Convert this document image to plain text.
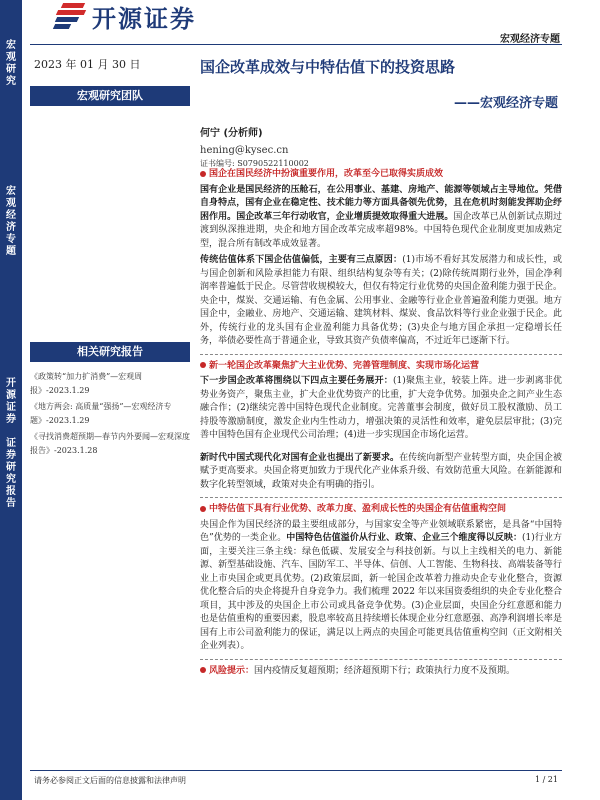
宏
观
研
究
宏
观
经
济
专
题
开
源
证
券

证
券
研
究
报
告
开源证券
宏观经济专题
2023 年 01 月 30 日	国企改革成效与中特估值下的投资思路
——宏观经济专题
宏观研究团队
何宁 (分析师)
hening@kysec.cn
证书编号: S0790522110002
相关研究报告
《政策转“加力扩消费”—宏观周报》-2023.1.29
《地方两会: 高质量“强扬”—宏观经济专题》-2023.1.29
《寻找消费超预期—春节内外要闻—宏观深度报告》-2023.1.28
国企在国民经济中扮演重要作用，改革至今已取得实质成效

国有企业是国民经济的压舱石，在公用事业、基建、房地产、能源等领域占主导地位。凭借自身特点，国有企业在稳定性、技术能力等方面具备领先优势，且在危机时刻能发挥助企纾困作用。国企改革三年行动收官，企业增质提效取得重大进展。国企改革已从创新试点期过渡到纵深推进期，央企和地方国企改革完成率超98%。中国特色现代企业制度更加成熟定型，混合所有制改革成效显著。

传统估值体系下国企估值偏低，主要有三点原因：(1)市场不看好其发展潜力和成长性，或与国企创新和风险承担能力有限、组织结构复杂等有关；(2)除传统周期行业外，国企净利润率普遍低于民企。尽管营收规模较大，但仅有特定行业优势的央国企盈利能力强于民企。央企中，煤炭、交通运输、有色金属、公用事业、金融等行业企业普遍盈利能力更强。地方国企中，金融业、房地产、交通运输、建筑材料、煤炭、食品饮料等行业企业强于民企。此外，传统行业的龙头国有企业盈利能力具备优势；(3)央企与地方国企承担一定稳增长任务，举债必要性高于普通企业，导致其资产负债率偏高，不过近年已逐渐下行。

新一轮国企改革聚焦扩大主业优势、完善管理制度、实现市场化运营

下一步国企改革将围绕以下四点主要任务展开：(1)聚焦主业，较装上阵。进一步剥离非优势业务资产，聚焦主业，扩大企业优势资产的比重，扩大竞争优势。加强央企之间产业生态融合作；(2)继续完善中国特色现代企业制度。完善董事会制度，做好员工股权激励、员工持股等激励制度，激发企业内生性动力，增强决策的灵活性和效率，避免层层审批；(3)完善中国特色国有企业现代公司治理；(4)进一步实现国企市场化运营。

新时代中国式现代化对国有企业也提出了新要求。在传统向新型产业转型方面，央企国企被赋予更高要求。央国企将更加致力于现代化产业体系升级、有效防范重大风险。在新能源和数字化转型领域，政策对央企有明确的指引。

中特估值下具有行业优势、改革力度、盈利成长性的央国企有估值重构空间

央国企作为国民经济的最主要组成部分，与国家安全等产业领域联系紧密，是具备“中国特色”优势的一类企业。中国特色估值溢价从行业、政策、企业三个维度得以反映：(1)行业方面，主要关注三条主线：绿色低碳、发展安全与科技创新。与以上主线相关的电力、新能源、新型基础设施、汽车、国防军工、半导体、信创、人工智能、生物科技、高端装备等行业上市央国企或更具优势。(2)政策层面，新一轮国企改革着力推动央企专业化整合，资源优化整合后的央企将提升自身竞争力。我们梳理 2022 年以来国资委组织的央企专业化整合项目，其中涉及的央国企上市公司或具备竞争优势。(3)企业层面，央国企分红意愿和能力也是估值重构的重要因素，股息率较高且持续增长体现企业分红意愿强、高净利润增长率是国有上市公司盈利能力的保证，满足以上两点的央国企可能更具估值重构空间（正文附相关企业列表）。

风险提示：国内疫情反复超预期；经济超预期下行；政策执行力度不及预期。
请务必参阅正文后面的信息披露和法律声明	1 / 21
